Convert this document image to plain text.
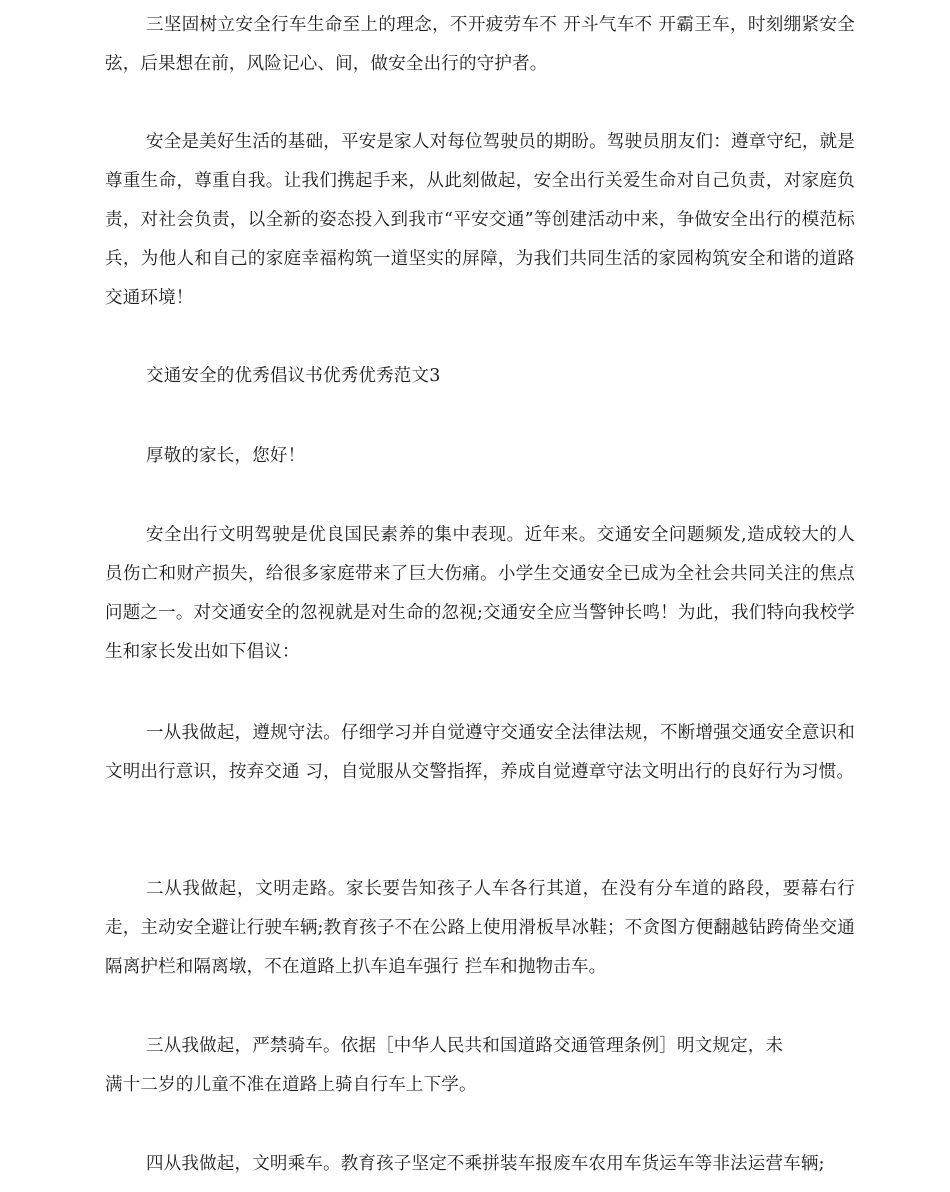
三坚固树立安全行车生命至上的理念，不开疲劳车不 开斗气车不 开霸王车，时刻绷紧安全弦，后果想在前，风险记心、间，做安全出行的守护者。

安全是美好生活的基础，平安是家人对每位驾驶员的期盼。驾驶员朋友们：遵章守纪，就是尊重生命，尊重自我。让我们携起手来，从此刻做起，安全出行关爱生命对自己负责，对家庭负责，对社会负责，以全新的姿态投入到我市“平安交通”等创建活动中来，争做安全出行的模范标兵，为他人和自己的家庭幸福构筑一道坚实的屏障，为我们共同生活的家园构筑安全和谐的道路交通环境！

交通安全的优秀倡议书优秀优秀范文3

厚敬的家长，您好！

安全出行文明驾驶是优良国民素养的集中表现。近年来。交通安全问题频发,造成较大的人员伤亡和财产损失，给很多家庭带来了巨大伤痛。小学生交通安全已成为全社会共同关注的焦点问题之一。对交通安全的忽视就是对生命的忽视;交通安全应当警钟长鸣！为此，我们特向我校学生和家长发出如下倡议：

一从我做起，遵规守法。仔细学习并自觉遵守交通安全法律法规，不断增强交通安全意识和文明出行意识，按弃交通 习，自觉服从交警指挥，养成自觉遵章守法文明出行的良好行为习惯。

二从我做起，文明走路。家长要告知孩子人车各行其道，在没有分车道的路段，要幕右行走，主动安全避让行驶车辆;教育孩子不在公路上使用滑板旱冰鞋；不贪图方便翻越钻跨倚坐交通隔离护栏和隔离墩，不在道路上扒车追车强行 拦车和抛物击车。

三从我做起，严禁骑车。依据［中华人民共和国道路交通管理条例］明文规定，未

满十二岁的儿童不准在道路上骑自行车上下学。

四从我做起，文明乘车。教育孩子坚定不乘拼装车报废车农用车货运车等非法运营车辆;
